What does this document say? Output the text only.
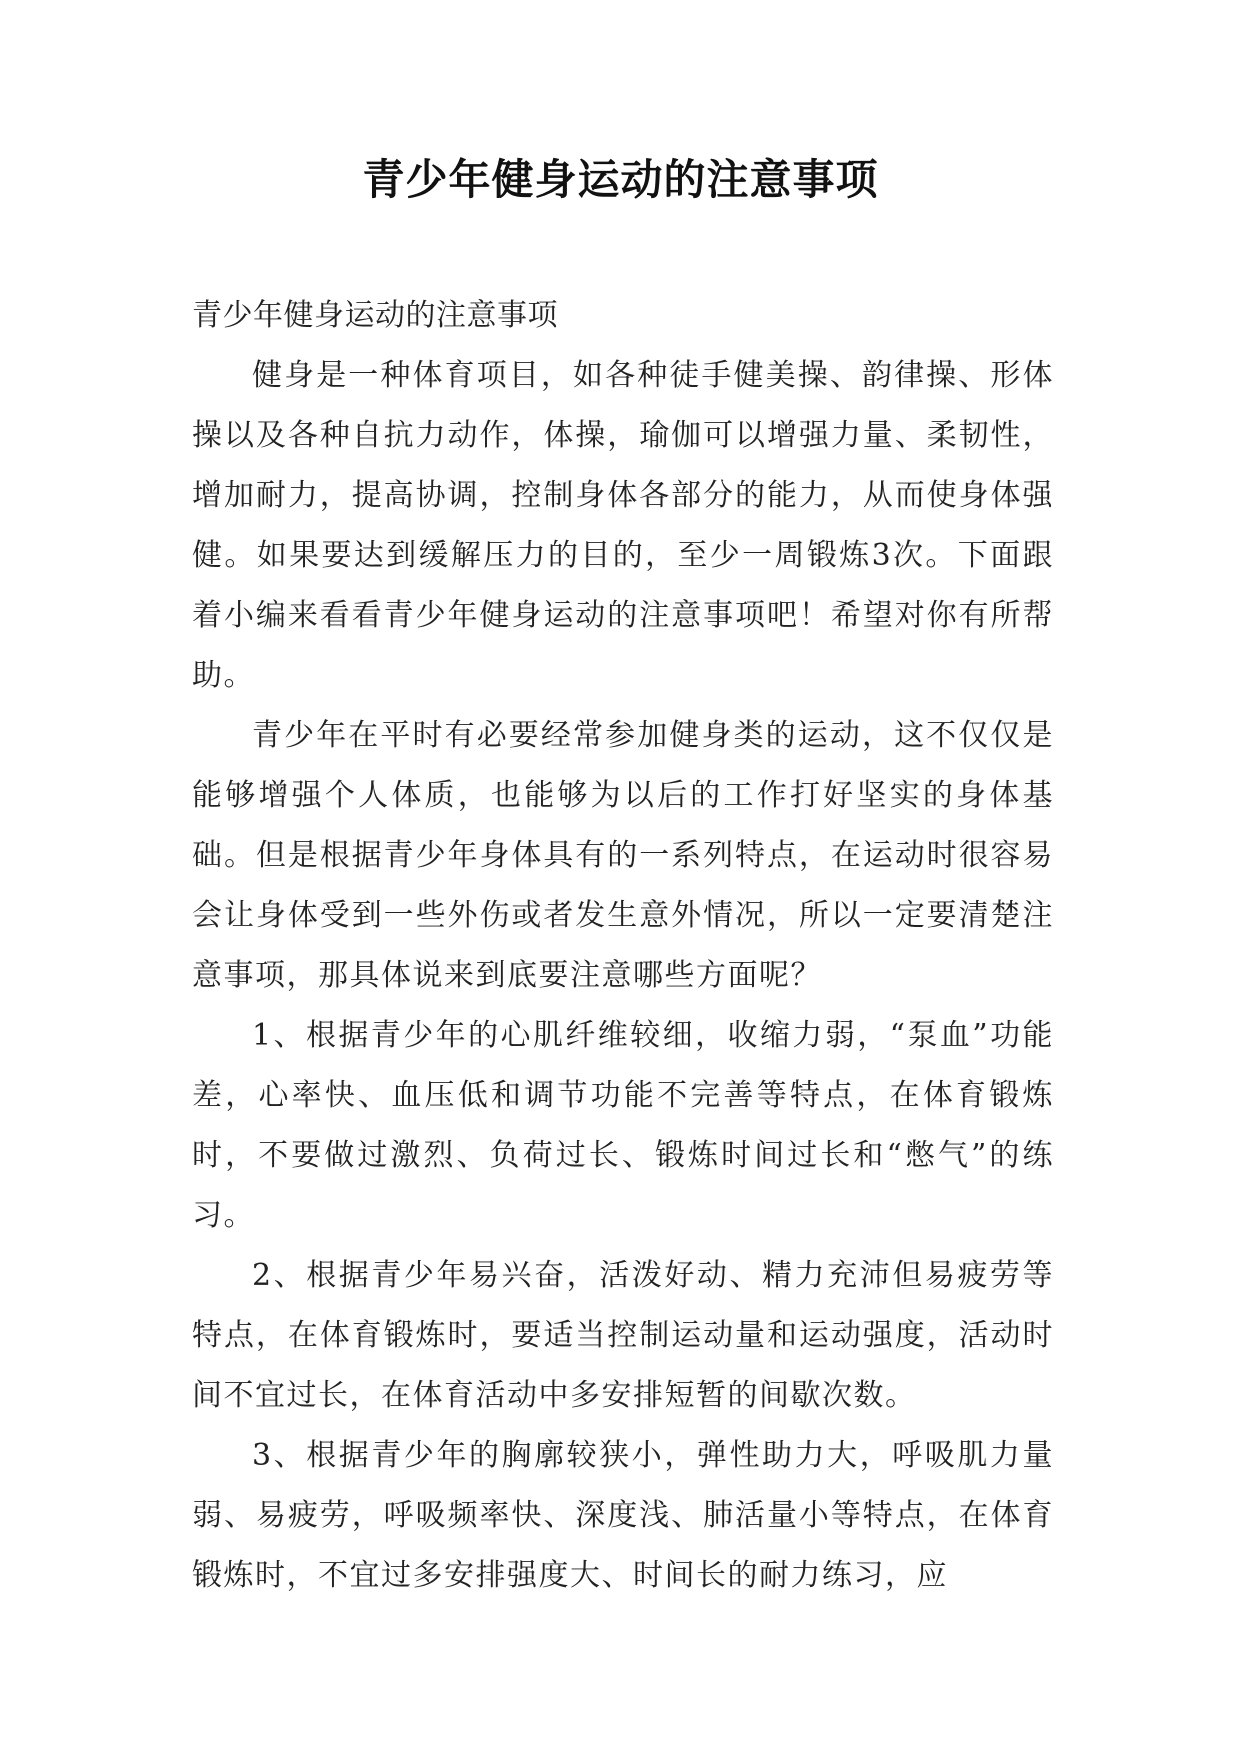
青少年健身运动的注意事项

青少年健身运动的注意事项

健身是一种体育项目，如各种徒手健美操、韵律操、形体操以及各种自抗力动作，体操，瑜伽可以增强力量、柔韧性，增加耐力，提高协调，控制身体各部分的能力，从而使身体强健。如果要达到缓解压力的目的，至少一周锻炼3次。下面跟着小编来看看青少年健身运动的注意事项吧！希望对你有所帮助。

青少年在平时有必要经常参加健身类的运动，这不仅仅是能够增强个人体质，也能够为以后的工作打好坚实的身体基础。但是根据青少年身体具有的一系列特点，在运动时很容易会让身体受到一些外伤或者发生意外情况，所以一定要清楚注意事项，那具体说来到底要注意哪些方面呢？

1、根据青少年的心肌纤维较细，收缩力弱，“泵血”功能差，心率快、血压低和调节功能不完善等特点，在体育锻炼时，不要做过激烈、负荷过长、锻炼时间过长和“憋气”的练习。

2、根据青少年易兴奋，活泼好动、精力充沛但易疲劳等特点，在体育锻炼时，要适当控制运动量和运动强度，活动时间不宜过长，在体育活动中多安排短暂的间歇次数。

3、根据青少年的胸廓较狭小，弹性助力大，呼吸肌力量弱、易疲劳，呼吸频率快、深度浅、肺活量小等特点，在体育锻炼时，不宜过多安排强度大、时间长的耐力练习，应
